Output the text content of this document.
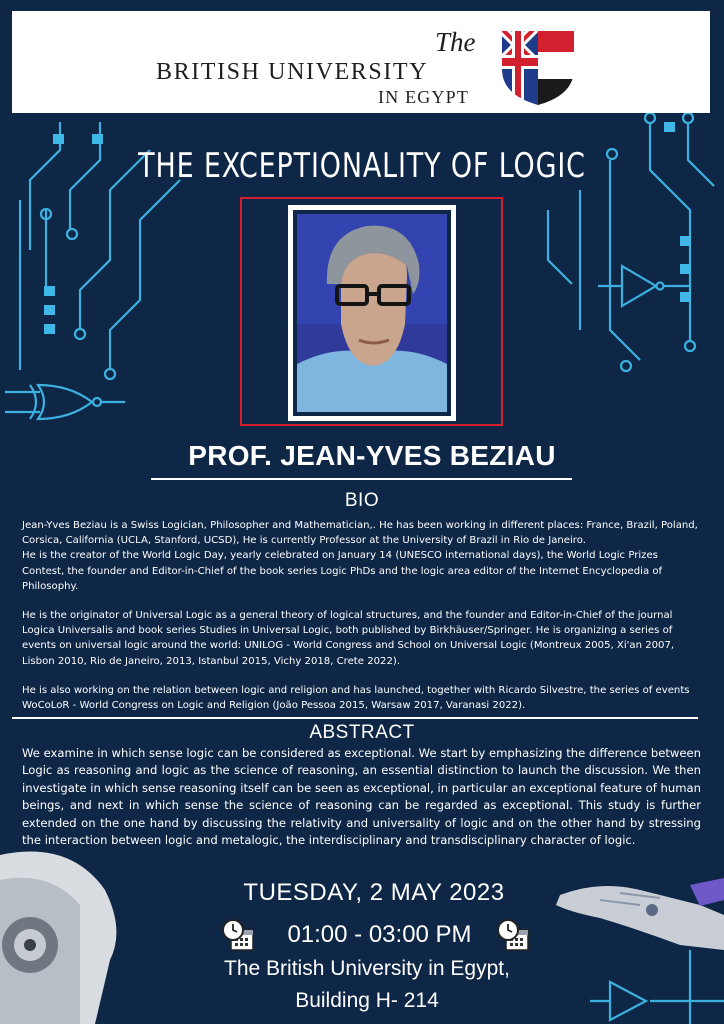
The
BRITISH UNIVERSITY
IN EGYPT
THE EXCEPTIONALITY OF LOGIC
PROF. JEAN-YVES BEZIAU
BIO

Jean-Yves Beziau is a Swiss Logician, Philosopher and Mathematician,. He has been working in different places: France, Brazil, Poland, Corsica, California (UCLA, Stanford, UCSD), He is currently Professor at the University of Brazil in Rio de Janeiro.

He is the creator of the World Logic Day, yearly celebrated on January 14 (UNESCO international days), the World Logic Prizes Contest, the founder and Editor-in-Chief of the book series Logic PhDs and the logic area editor of the Internet Encyclopedia of Philosophy.

He is the originator of Universal Logic as a general theory of logical structures, and the founder and Editor-in-Chief of the journal Logica Universalis and book series Studies in Universal Logic, both published by Birkhäuser/Springer. He is organizing a series of events on universal logic around the world: UNILOG - World Congress and School on Universal Logic (Montreux 2005, Xi'an 2007, Lisbon 2010, Rio de Janeiro, 2013, Istanbul 2015, Vichy 2018, Crete 2022).

He is also working on the relation between logic and religion and has launched, together with Ricardo Silvestre, the series of events WoCoLoR - World Congress on Logic and Religion (João Pessoa 2015, Warsaw 2017, Varanasi 2022).

ABSTRACT
We examine in which sense logic can be considered as exceptional. We start by emphasizing the difference between Logic as reasoning and logic as the science of reasoning, an essential distinction to launch the discussion. We then investigate in which sense reasoning itself can be seen as exceptional, in particular an exceptional feature of human beings, and next in which sense the science of reasoning can be regarded as exceptional. This study is further extended on the one hand by discussing the relativity and universality of logic and on the other hand by stressing the interaction between logic and metalogic, the interdisciplinary and transdisciplinary character of logic.
TUESDAY, 2 MAY 2023
01:00 - 03:00 PM
The British University in Egypt,
Building H- 214
